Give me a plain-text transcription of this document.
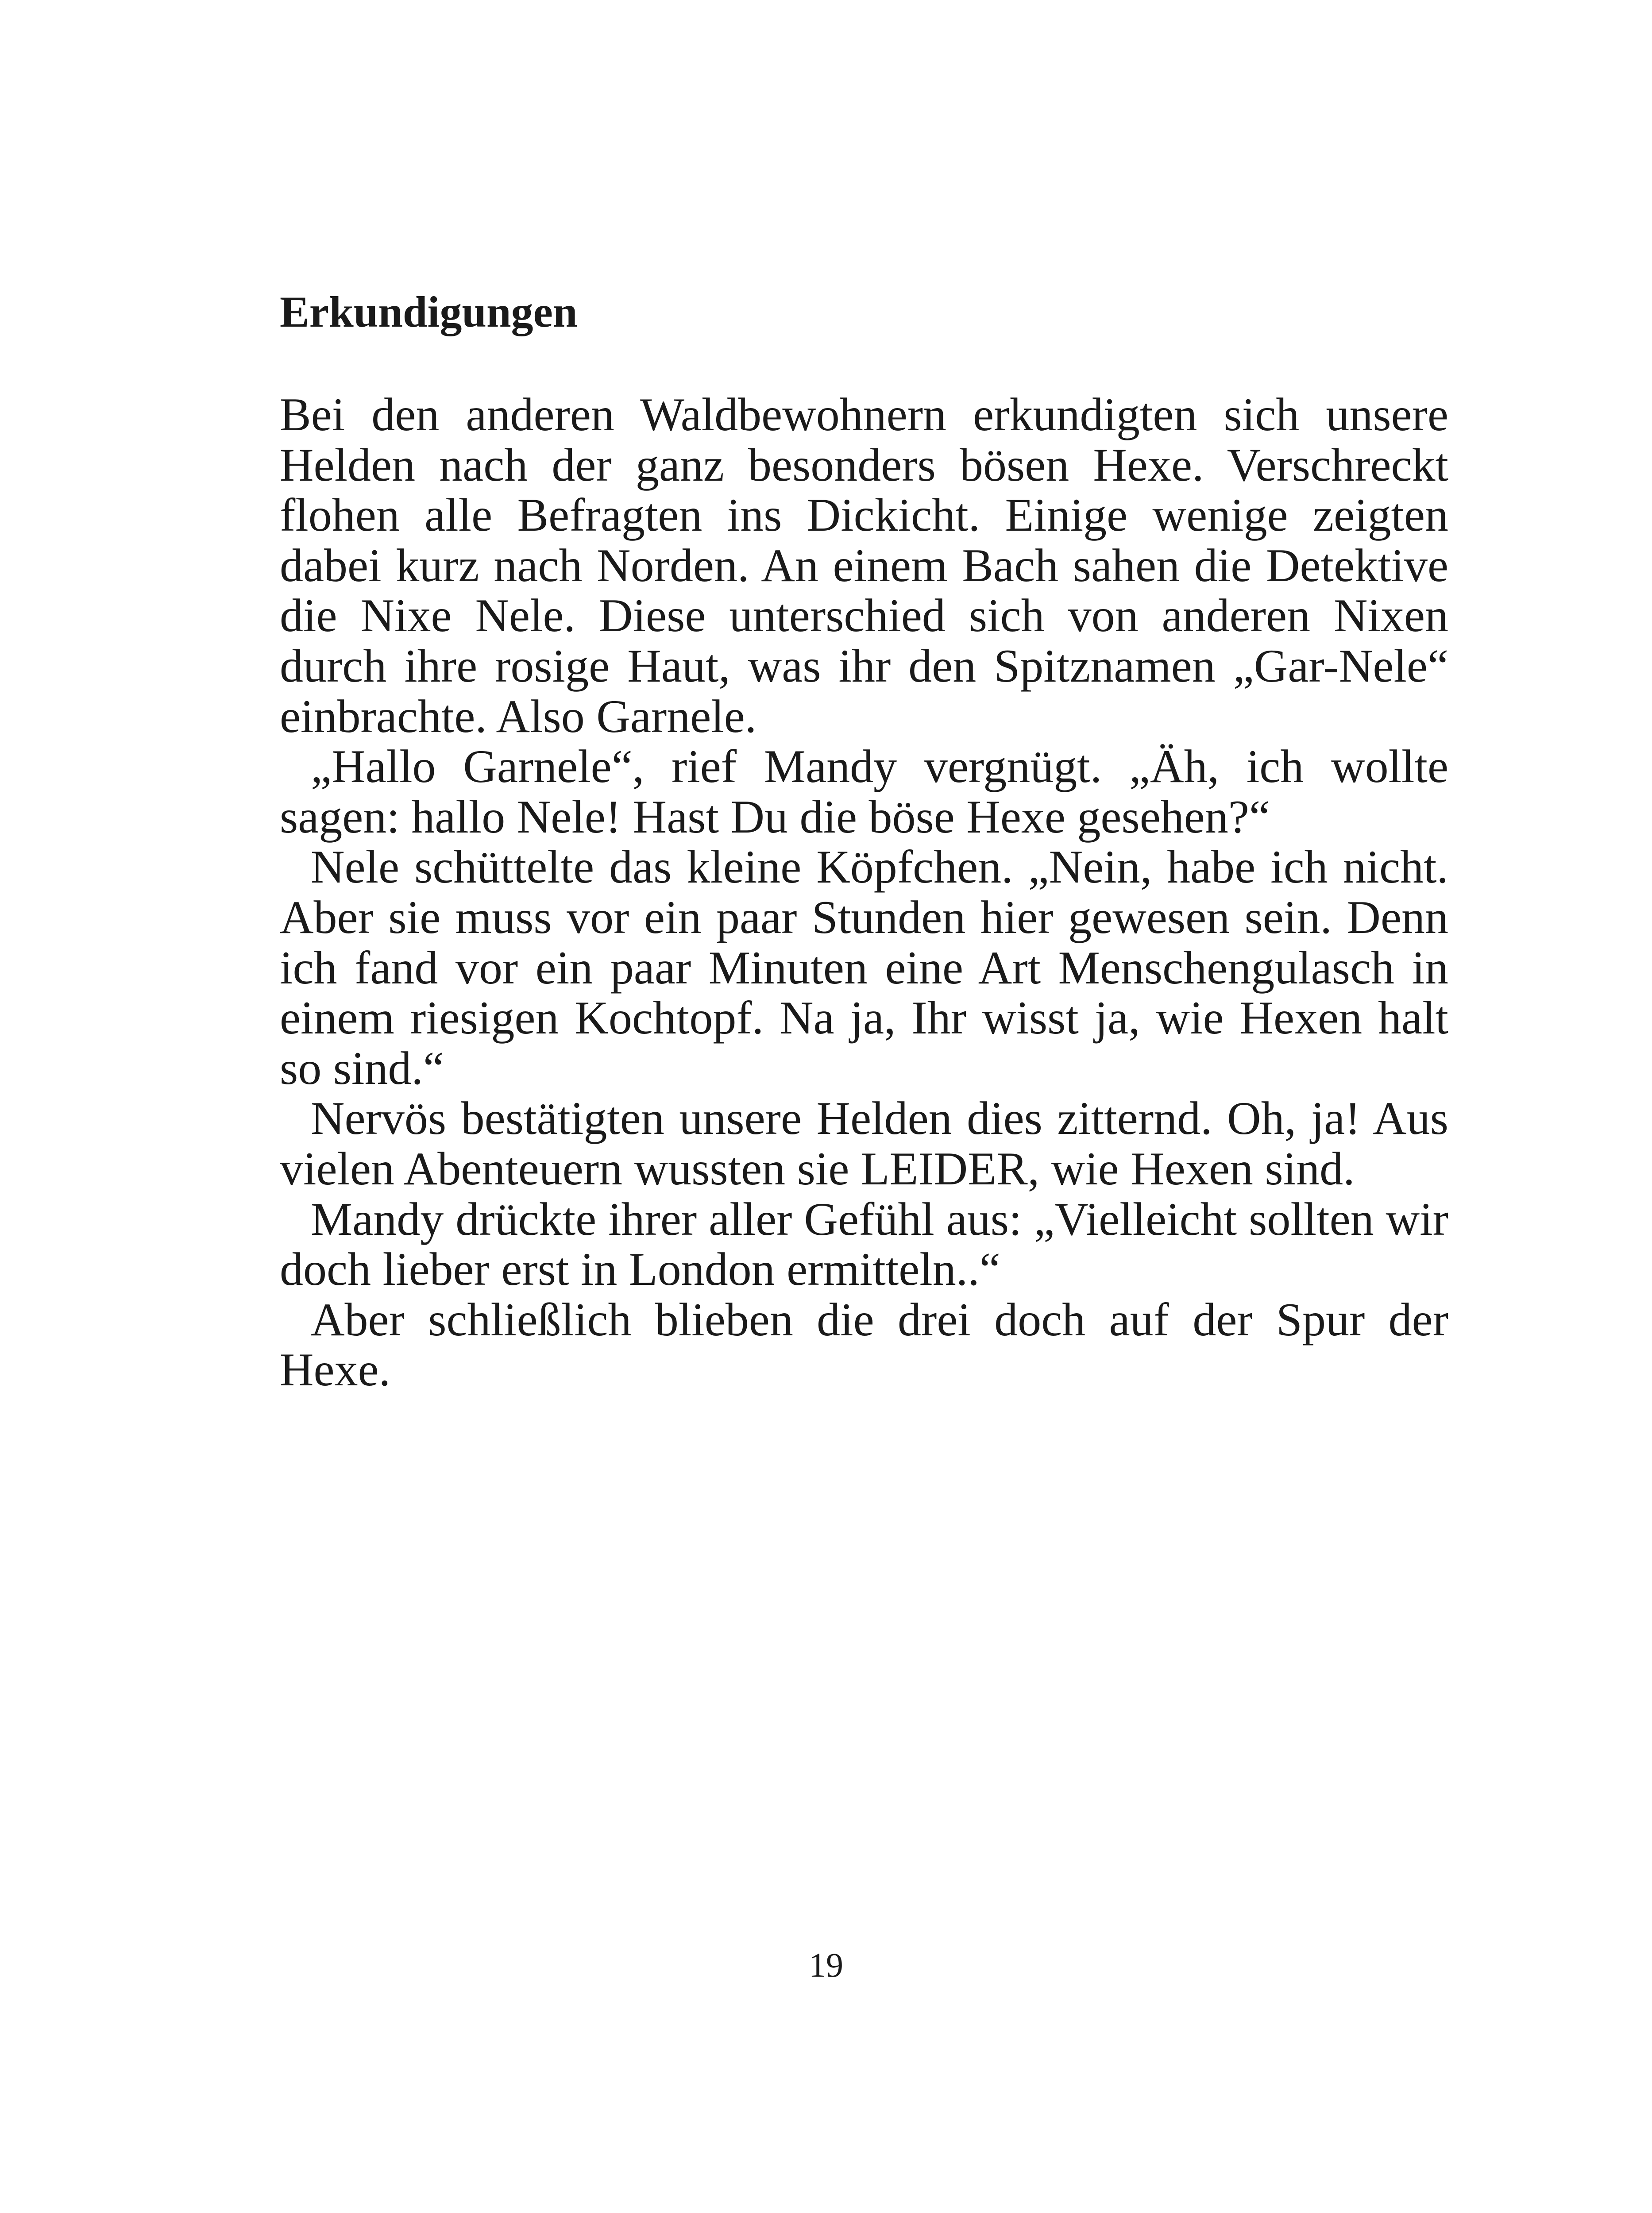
Erkundigungen

Bei den anderen Waldbewohnern erkundigten sich unsere Helden nach der ganz besonders bösen Hexe. Verschreckt flohen alle Befragten ins Dickicht. Einige wenige zeigten dabei kurz nach Norden. An einem Bach sahen die Detektive die Nixe Nele. Diese unterschied sich von anderen Nixen durch ihre rosige Haut, was ihr den Spitznamen „Gar-Nele“ einbrachte. Also Garnele.

„Hallo Garnele“, rief Mandy vergnügt. „Äh, ich wollte sagen: hallo Nele! Hast Du die böse Hexe gesehen?“

Nele schüttelte das kleine Köpfchen. „Nein, habe ich nicht. Aber sie muss vor ein paar Stunden hier gewesen sein. Denn ich fand vor ein paar Minuten eine Art Menschengulasch in einem riesigen Kochtopf. Na ja, Ihr wisst ja, wie Hexen halt so sind.“

Nervös bestätigten unsere Helden dies zitternd. Oh, ja! Aus vielen Abenteuern wussten sie LEIDER, wie Hexen sind.

Mandy drückte ihrer aller Gefühl aus: „Vielleicht sollten wir doch lieber erst in London ermitteln..“

Aber schließlich blieben die drei doch auf der Spur der Hexe.

19
